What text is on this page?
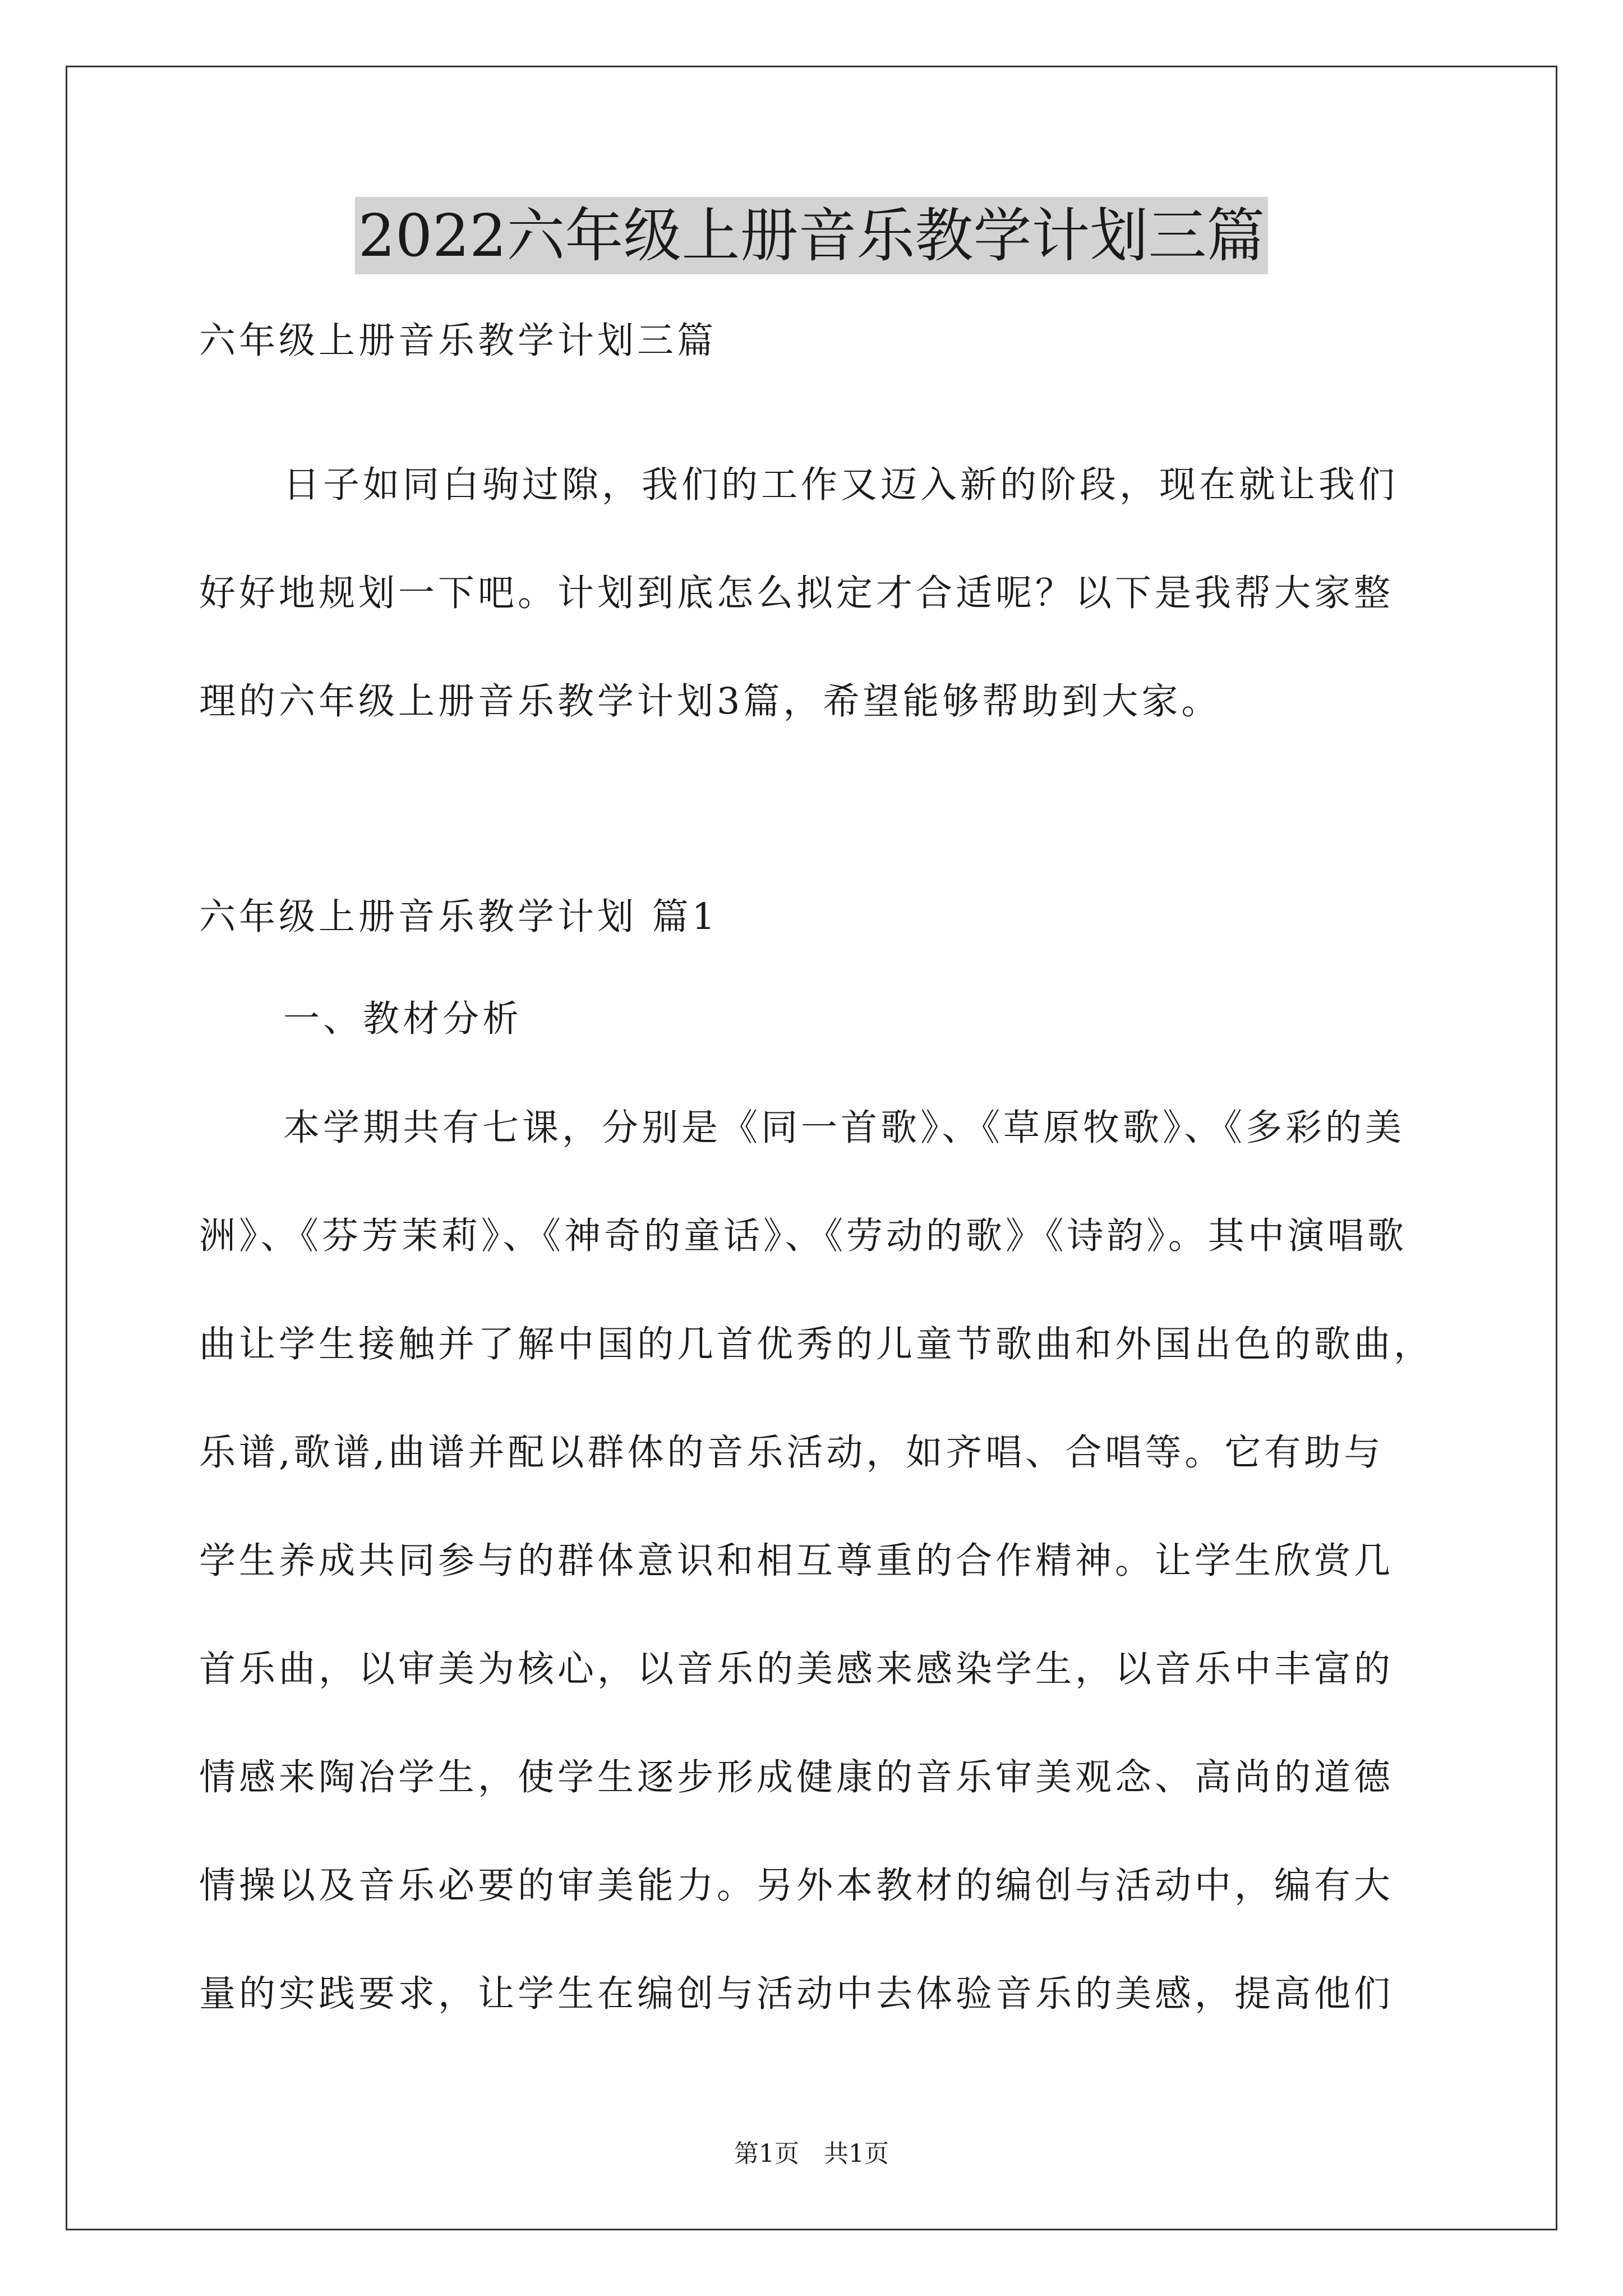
2022六年级上册音乐教学计划三篇
六年级上册音乐教学计划三篇
日子如同白驹过隙，我们的工作又迈入新的阶段，现在就让我们
好好地规划一下吧。计划到底怎么拟定才合适呢？以下是我帮大家整
理的六年级上册音乐教学计划3篇，希望能够帮助到大家。
六年级上册音乐教学计划 篇1
一、教材分析
本学期共有七课，分别是《同一首歌》、《草原牧歌》、《多彩的美
洲》、《芬芳茉莉》、《神奇的童话》、《劳动的歌》《诗韵》。其中演唱歌
曲让学生接触并了解中国的几首优秀的儿童节歌曲和外国出色的歌曲，
乐谱,歌谱,曲谱并配以群体的音乐活动，如齐唱、合唱等。它有助与
学生养成共同参与的群体意识和相互尊重的合作精神。让学生欣赏几
首乐曲，以审美为核心，以音乐的美感来感染学生，以音乐中丰富的
情感来陶冶学生，使学生逐步形成健康的音乐审美观念、高尚的道德
情操以及音乐必要的审美能力。另外本教材的编创与活动中，编有大
量的实践要求，让学生在编创与活动中去体验音乐的美感，提高他们
第1页　共1页
